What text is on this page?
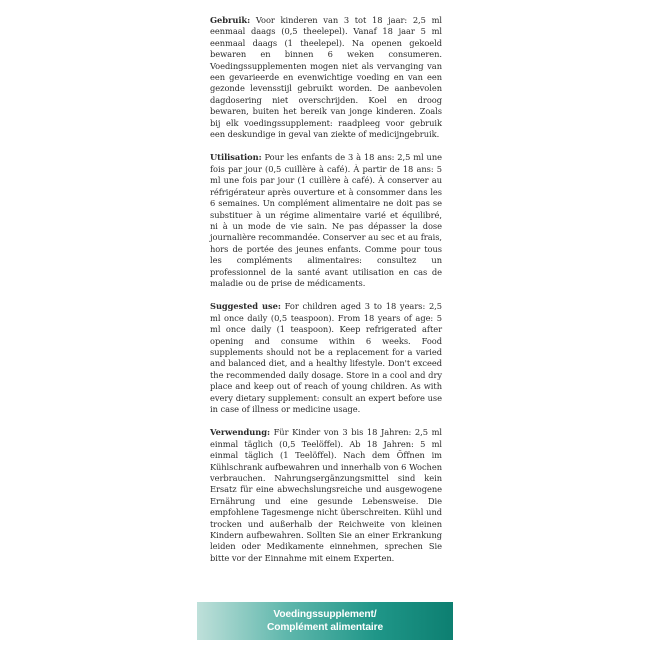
Gebruik: Voor kinderen van 3 tot 18 jaar: 2,5 ml eenmaal daags (0,5 theelepel). Vanaf 18 jaar 5 ml eenmaal daags (1 theelepel). Na openen gekoeld bewaren en binnen 6 weken consumeren. Voedingssupplementen mogen niet als vervanging van een gevarieerde en evenwichtige voeding en van een gezonde levensstijl gebruikt worden. De aanbevolen dagdosering niet overschrijden. Koel en droog bewaren, buiten het bereik van jonge kinderen. Zoals bij elk voedingssupplement: raadpleeg voor gebruik een deskundige in geval van ziekte of medicijngebruik.

Utilisation: Pour les enfants de 3 à 18 ans: 2,5 ml une fois par jour (0,5 cuillère à café). À partir de 18 ans: 5 ml une fois par jour (1 cuillère à café). À conserver au réfrigérateur après ouverture et à consommer dans les 6 semaines. Un complément alimentaire ne doit pas se substituer à un régime alimentaire varié et équilibré, ni à un mode de vie sain. Ne pas dépasser la dose journalière recommandée. Conserver au sec et au frais, hors de portée des jeunes enfants. Comme pour tous les compléments alimentaires: consultez un professionnel de la santé avant utilisation en cas de maladie ou de prise de médicaments.

Suggested use: For children aged 3 to 18 years: 2,5 ml once daily (0,5 teaspoon). From 18 years of age: 5 ml once daily (1 teaspoon). Keep refrigerated after opening and consume within 6 weeks. Food supplements should not be a replacement for a varied and balanced diet, and a healthy lifestyle. Don't exceed the recommended daily dosage. Store in a cool and dry place and keep out of reach of young children. As with every dietary supplement: consult an expert before use in case of illness or medicine usage.

Verwendung: Für Kinder von 3 bis 18 Jahren: 2,5 ml einmal täglich (0,5 Teelöffel). Ab 18 Jahren: 5 ml einmal täglich (1 Teelöffel). Nach dem Öffnen im Kühlschrank aufbewahren und innerhalb von 6 Wochen verbrauchen. Nahrungsergänzungsmittel sind kein Ersatz für eine abwechslungsreiche und ausgewogene Ernährung und eine gesunde Lebensweise. Die empfohlene Tagesmenge nicht überschreiten. Kühl und trocken und außerhalb der Reichweite von kleinen Kindern aufbewahren. Sollten Sie an einer Erkrankung leiden oder Medikamente einnehmen, sprechen Sie bitte vor der Einnahme mit einem Experten.

Voedingssupplement/
Complément alimentaire
